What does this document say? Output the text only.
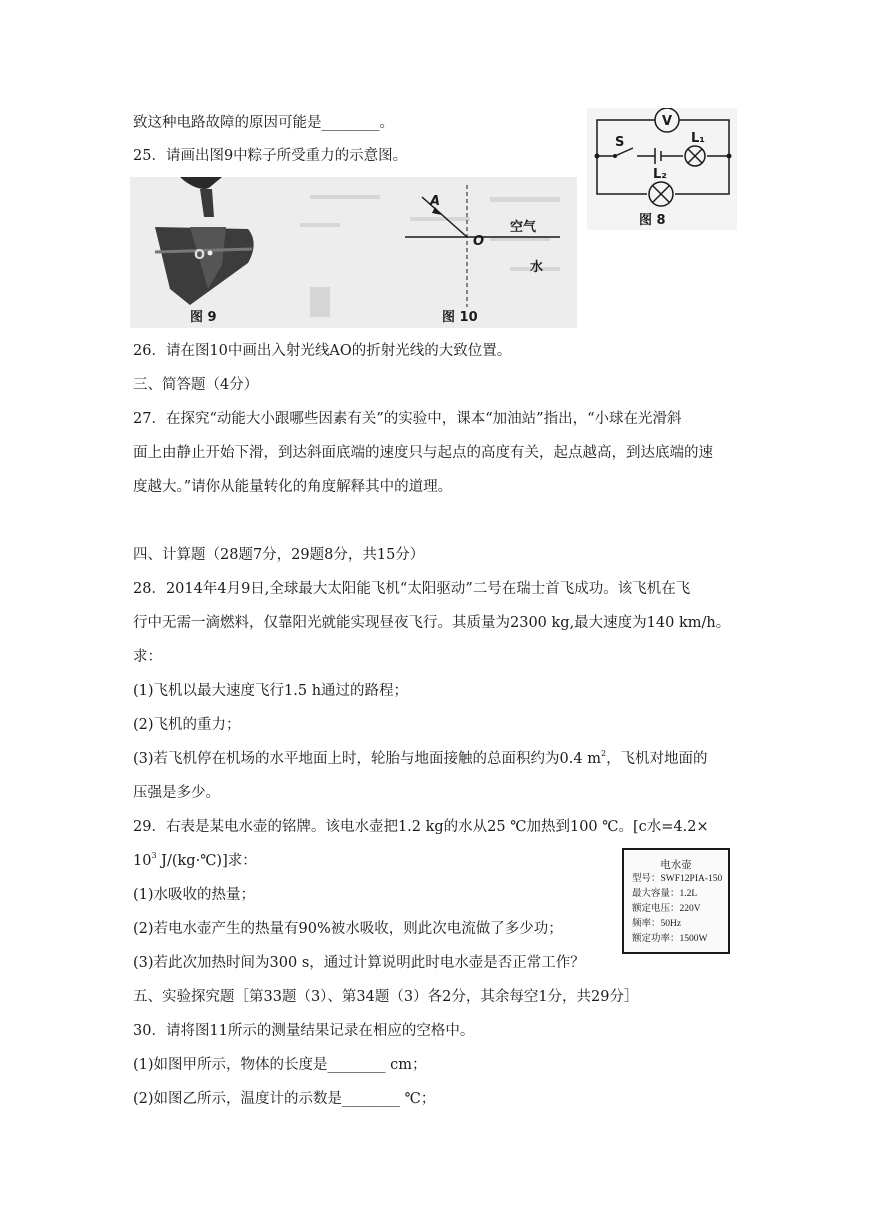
致这种电路故障的原因可能是________。
25．请画出图9中粽子所受重力的示意图。
O
图 9
A
O
空气
水
图 10
V
S	L₁
L₂
图 8
26．请在图10中画出入射光线AO的折射光线的大致位置。
三、简答题（4分）
27．在探究“动能大小跟哪些因素有关”的实验中，课本“加油站”指出，“小球在光滑斜
面上由静止开始下滑，到达斜面底端的速度只与起点的高度有关，起点越高，到达底端的速
度越大。”请你从能量转化的角度解释其中的道理。
四、计算题（28题7分，29题8分，共15分）
28．2014年4月9日,全球最大太阳能飞机“太阳驱动”二号在瑞士首飞成功。该飞机在飞
行中无需一滴燃料，仅靠阳光就能实现昼夜飞行。其质量为2300 kg,最大速度为140 km/h。
求：
(1)飞机以最大速度飞行1.5 h通过的路程；
(2)飞机的重力；
(3)若飞机停在机场的水平地面上时，轮胎与地面接触的总面积约为0.4 $m^2$，飞机对地面的
压强是多少。
29．右表是某电水壶的铭牌。该电水壶把1.2 kg的水从25 ℃加热到100 ℃。[c水=4.2×
$10^3$ J/(kg·℃)]求：
(1)水吸收的热量；
(2)若电水壶产生的热量有90%被水吸收，则此次电流做了多少功；
(3)若此次加热时间为300 s，通过计算说明此时电水壶是否正常工作？
五、实验探究题［第33题（3）、第34题（3）各2分，其余每空1分，共29分］
30．请将图11所示的测量结果记录在相应的空格中。
(1)如图甲所示，物体的长度是________ cm；
(2)如图乙所示，温度计的示数是________ ℃；
电水壶
型号：SWF12PIA-150
最大容量：1.2L
额定电压：220V
频率：50Hz
额定功率：1500W
